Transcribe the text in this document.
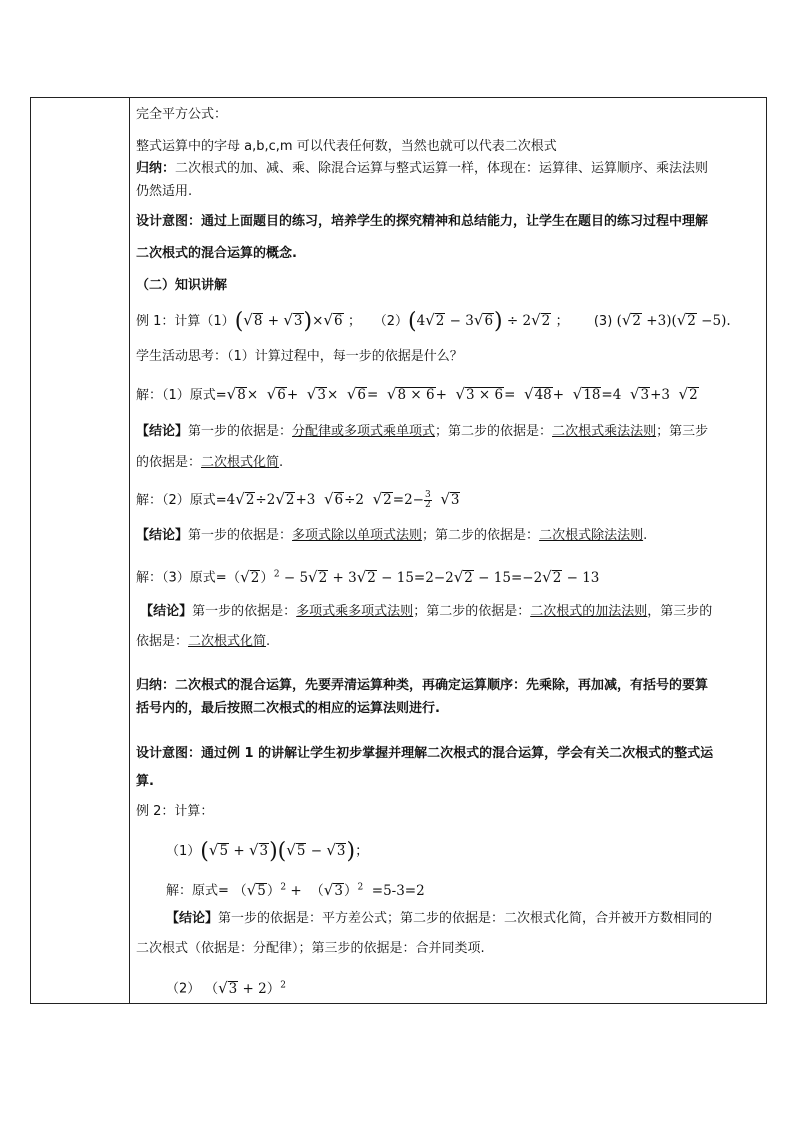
完全平方公式：
整式运算中的字母 a,b,c,m 可以代表任何数，当然也就可以代表二次根式
归纳：二次根式的加、减、乘、除混合运算与整式运算一样，体现在：运算律、运算顺序、乘法法则
仍然适用.
设计意图：通过上面题目的练习，培养学生的探究精神和总结能力，让学生在题目的练习过程中理解
二次根式的混合运算的概念.
（二）知识讲解
例 1：计算（1）(√8 + √3)×√6 ； （2）(4√2 − 3√6) ÷ 2√2 ； (3) (√2 +3)(√2 −5).
学生活动思考：（1）计算过程中，每一步的依据是什么？
解：（1）原式=√8×  √6+  √3×  √6=  √8 × 6+  √3 × 6=  √48+  √18=4  √3+3  √2
【结论】第一步的依据是：分配律或多项式乘单项式；第二步的依据是：二次根式乘法法则；第三步
的依据是：二次根式化简.
解：（2）原式=4√2÷2√2+3  √6÷2  $√2=2- \frac{3}{2} √3$
【结论】第一步的依据是：多项式除以单项式法则；第二步的依据是：二次根式除法法则.
解：（3）原式$=(√2)^2 - 5√2 + 3√2 - 15=2-2√2 - 15=-2√2 - 13$
【结论】第一步的依据是：多项式乘多项式法则；第二步的依据是：二次根式的加法法则，第三步的
依据是：二次根式化简.
归纳：二次根式的混合运算，先要弄清运算种类，再确定运算顺序：先乘除，再加减，有括号的要算
括号内的，最后按照二次根式的相应的运算法则进行.
设计意图：通过例 1 的讲解让学生初步掌握并理解二次根式的混合运算，学会有关二次根式的整式运
算.
例 2：计算：
（1）(√5 + √3)(√5 − √3)；
解：原式= $(√5)^2 + (√3)^2 =5-3=2$
【结论】第一步的依据是：平方差公式；第二步的依据是：二次根式化简，合并被开方数相同的
二次根式（依据是：分配律）；第三步的依据是：合并同类项.
（2） $(√3 + 2)^2$
